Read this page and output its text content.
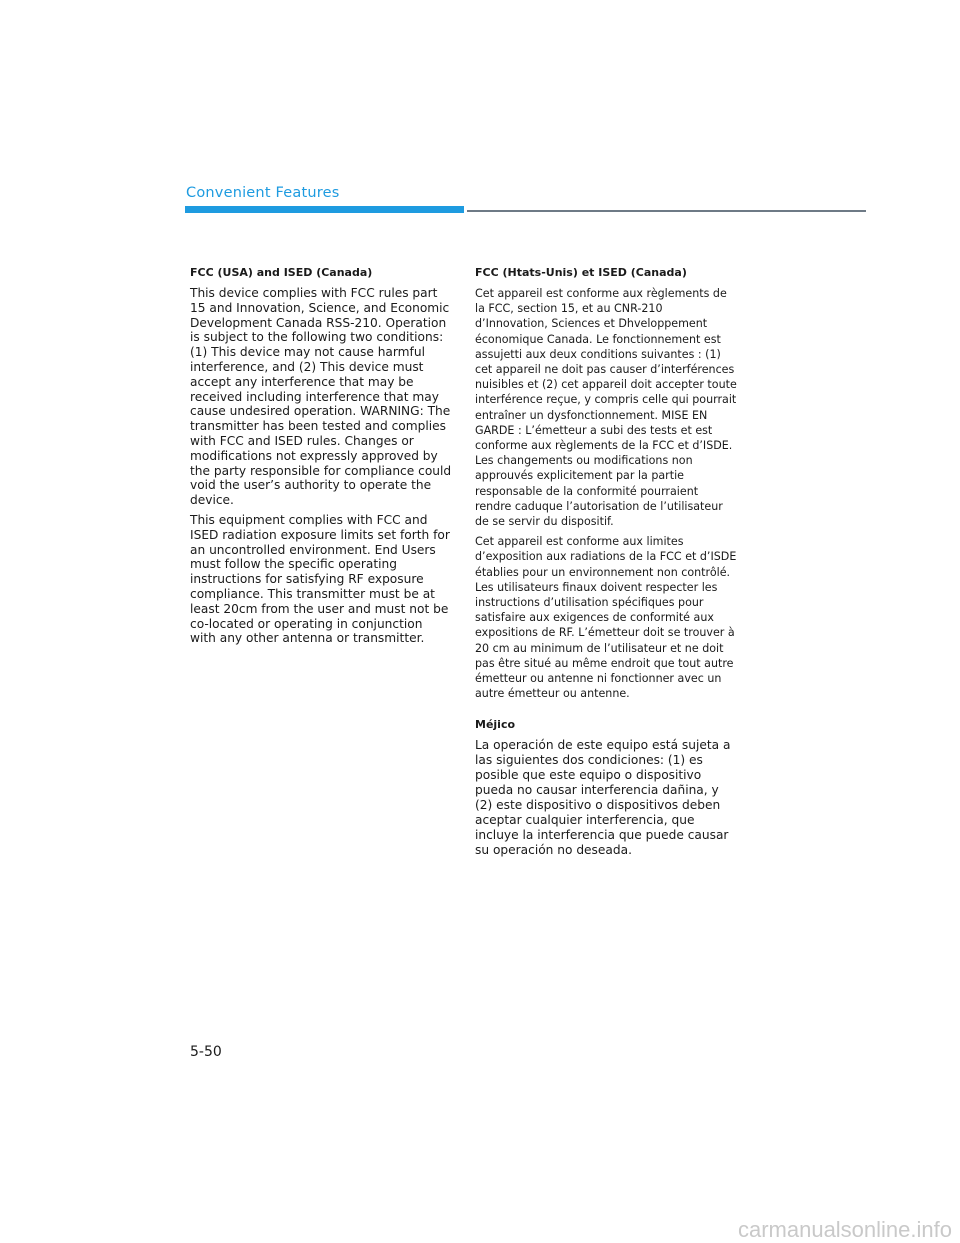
Convenient Features

FCC (USA) and ISED (Canada)

This device complies with FCC rules part 15 and Innovation, Science, and Economic Development Canada RSS-210. Operation is subject to the following two conditions: (1) This device may not cause harmful interference, and (2) This device must accept any interference that may be received including interference that may cause undesired operation. WARNING: The transmitter has been tested and complies with FCC and ISED rules. Changes or modifications not expressly approved by the party responsible for compliance could void the user’s authority to operate the device.

This equipment complies with FCC and ISED radiation exposure limits set forth for an uncontrolled environment. End Users must follow the specific operating instructions for satisfying RF exposure compliance. This transmitter must be at least 20cm from the user and must not be co-located or operating in conjunction with any other antenna or transmitter.

FCC (Htats-Unis) et ISED (Canada)

Cet appareil est conforme aux règlements de la FCC, section 15, et au CNR-210 d’Innovation, Sciences et Dhveloppement économique Canada. Le fonctionnement est assujetti aux deux conditions suivantes : (1) cet appareil ne doit pas causer d’interférences nuisibles et (2) cet appareil doit accepter toute interférence reçue, y compris celle qui pourrait entraîner un dysfonctionnement. MISE EN GARDE : L’émetteur a subi des tests et est conforme aux règlements de la FCC et d’ISDE. Les changements ou modifications non approuvés explicitement par la partie responsable de la conformité pourraient rendre caduque l’autorisation de l’utilisateur de se servir du dispositif.

Cet appareil est conforme aux limites d’exposition aux radiations de la FCC et d’ISDE établies pour un environnement non contrôlé. Les utilisateurs finaux doivent respecter les instructions d’utilisation spécifiques pour satisfaire aux exigences de conformité aux expositions de RF. L’émetteur doit se trouver à 20 cm au minimum de l’utilisateur et ne doit pas être situé au même endroit que tout autre émetteur ou antenne ni fonctionner avec un autre émetteur ou antenne.

Méjico

La operación de este equipo está sujeta a las siguientes dos condiciones: (1) es posible que este equipo o dispositivo pueda no causar interferencia dañina, y (2) este dispositivo o dispositivos deben aceptar cualquier interferencia, que incluye la interferencia que puede causar su operación no deseada.

5-50
carmanualsonline.info
